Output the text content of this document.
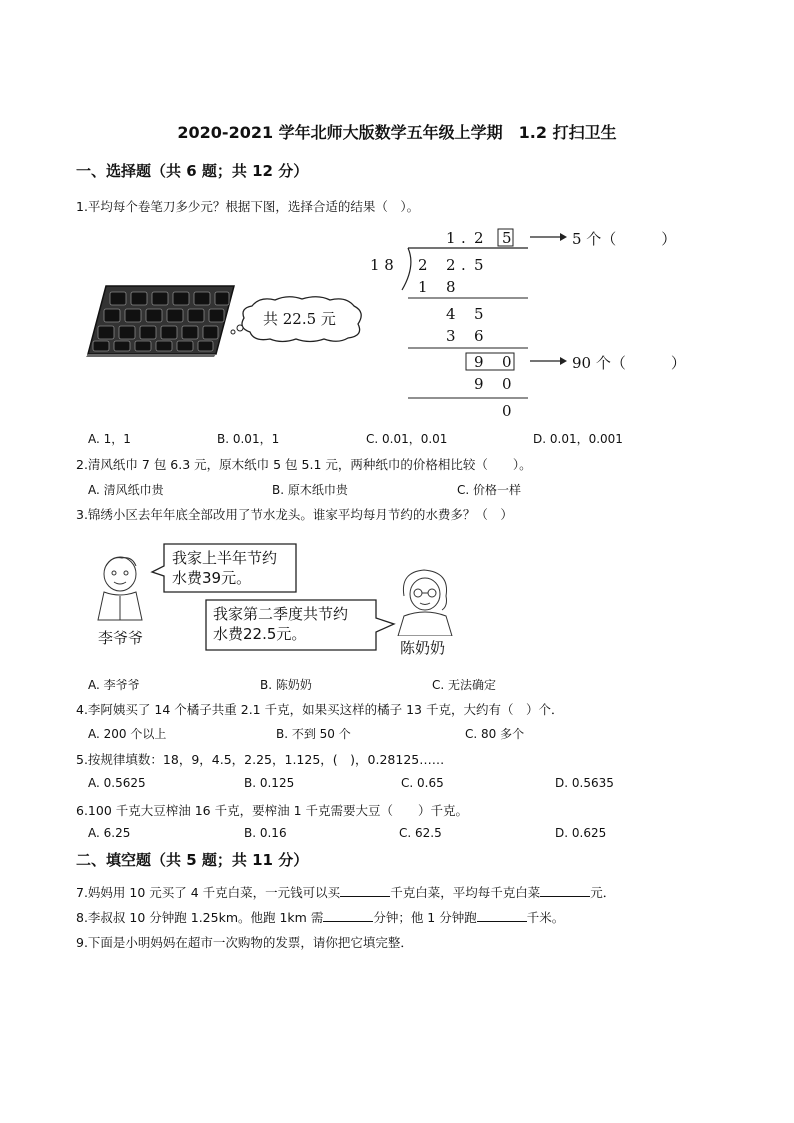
2020-2021 学年北师大版数学五年级上学期　1.2 打扫卫生
一、选择题（共 6 题；共 12 分）
1.平均每个卷笔刀多少元？根据下图，选择合适的结果（　）。
共 22.5 元
1 . 2 5
1 8 2 2 . 5
1 8
4 5
3 6
9 0
9 0
0
5 个（　　　）
90 个（　　　）
A. 1，1	B. 0.01，1	C. 0.01，0.01	D. 0.01，0.001
2.清风纸巾 7 包 6.3 元，原木纸巾 5 包 5.1 元，两种纸巾的价格相比较（　　）。
A. 清风纸巾贵	B. 原木纸巾贵	C. 价格一样
3.锦绣小区去年年底全部改用了节水龙头。谁家平均每月节约的水费多？（　）
李爷爷
我家上半年节约
水费39元。
我家第二季度共节约
水费22.5元。
陈奶奶
A. 李爷爷	B. 陈奶奶	C. 无法确定
4.李阿姨买了 14 个橘子共重 2.1 千克，如果买这样的橘子 13 千克，大约有（　）个．
A. 200 个以上	B. 不到 50 个	C. 80 多个
5.按规律填数：18，9，4.5，2.25，1.125，(　)，0.28125……
A. 0.5625	B. 0.125	C. 0.65	D. 0.5635
6.100 千克大豆榨油 16 千克，要榨油 1 千克需要大豆（　　）千克。
A. 6.25	B. 0.16	C. 62.5	D. 0.625
二、填空题（共 5 题；共 11 分）
7.妈妈用 10 元买了 4 千克白菜，一元钱可以买	千克白菜，平均每千克白菜	元．
8.李叔叔 10 分钟跑 1.25km。他跑 1km 需	分钟；他 1 分钟跑	千米。
9.下面是小明妈妈在超市一次购物的发票，请你把它填完整．
